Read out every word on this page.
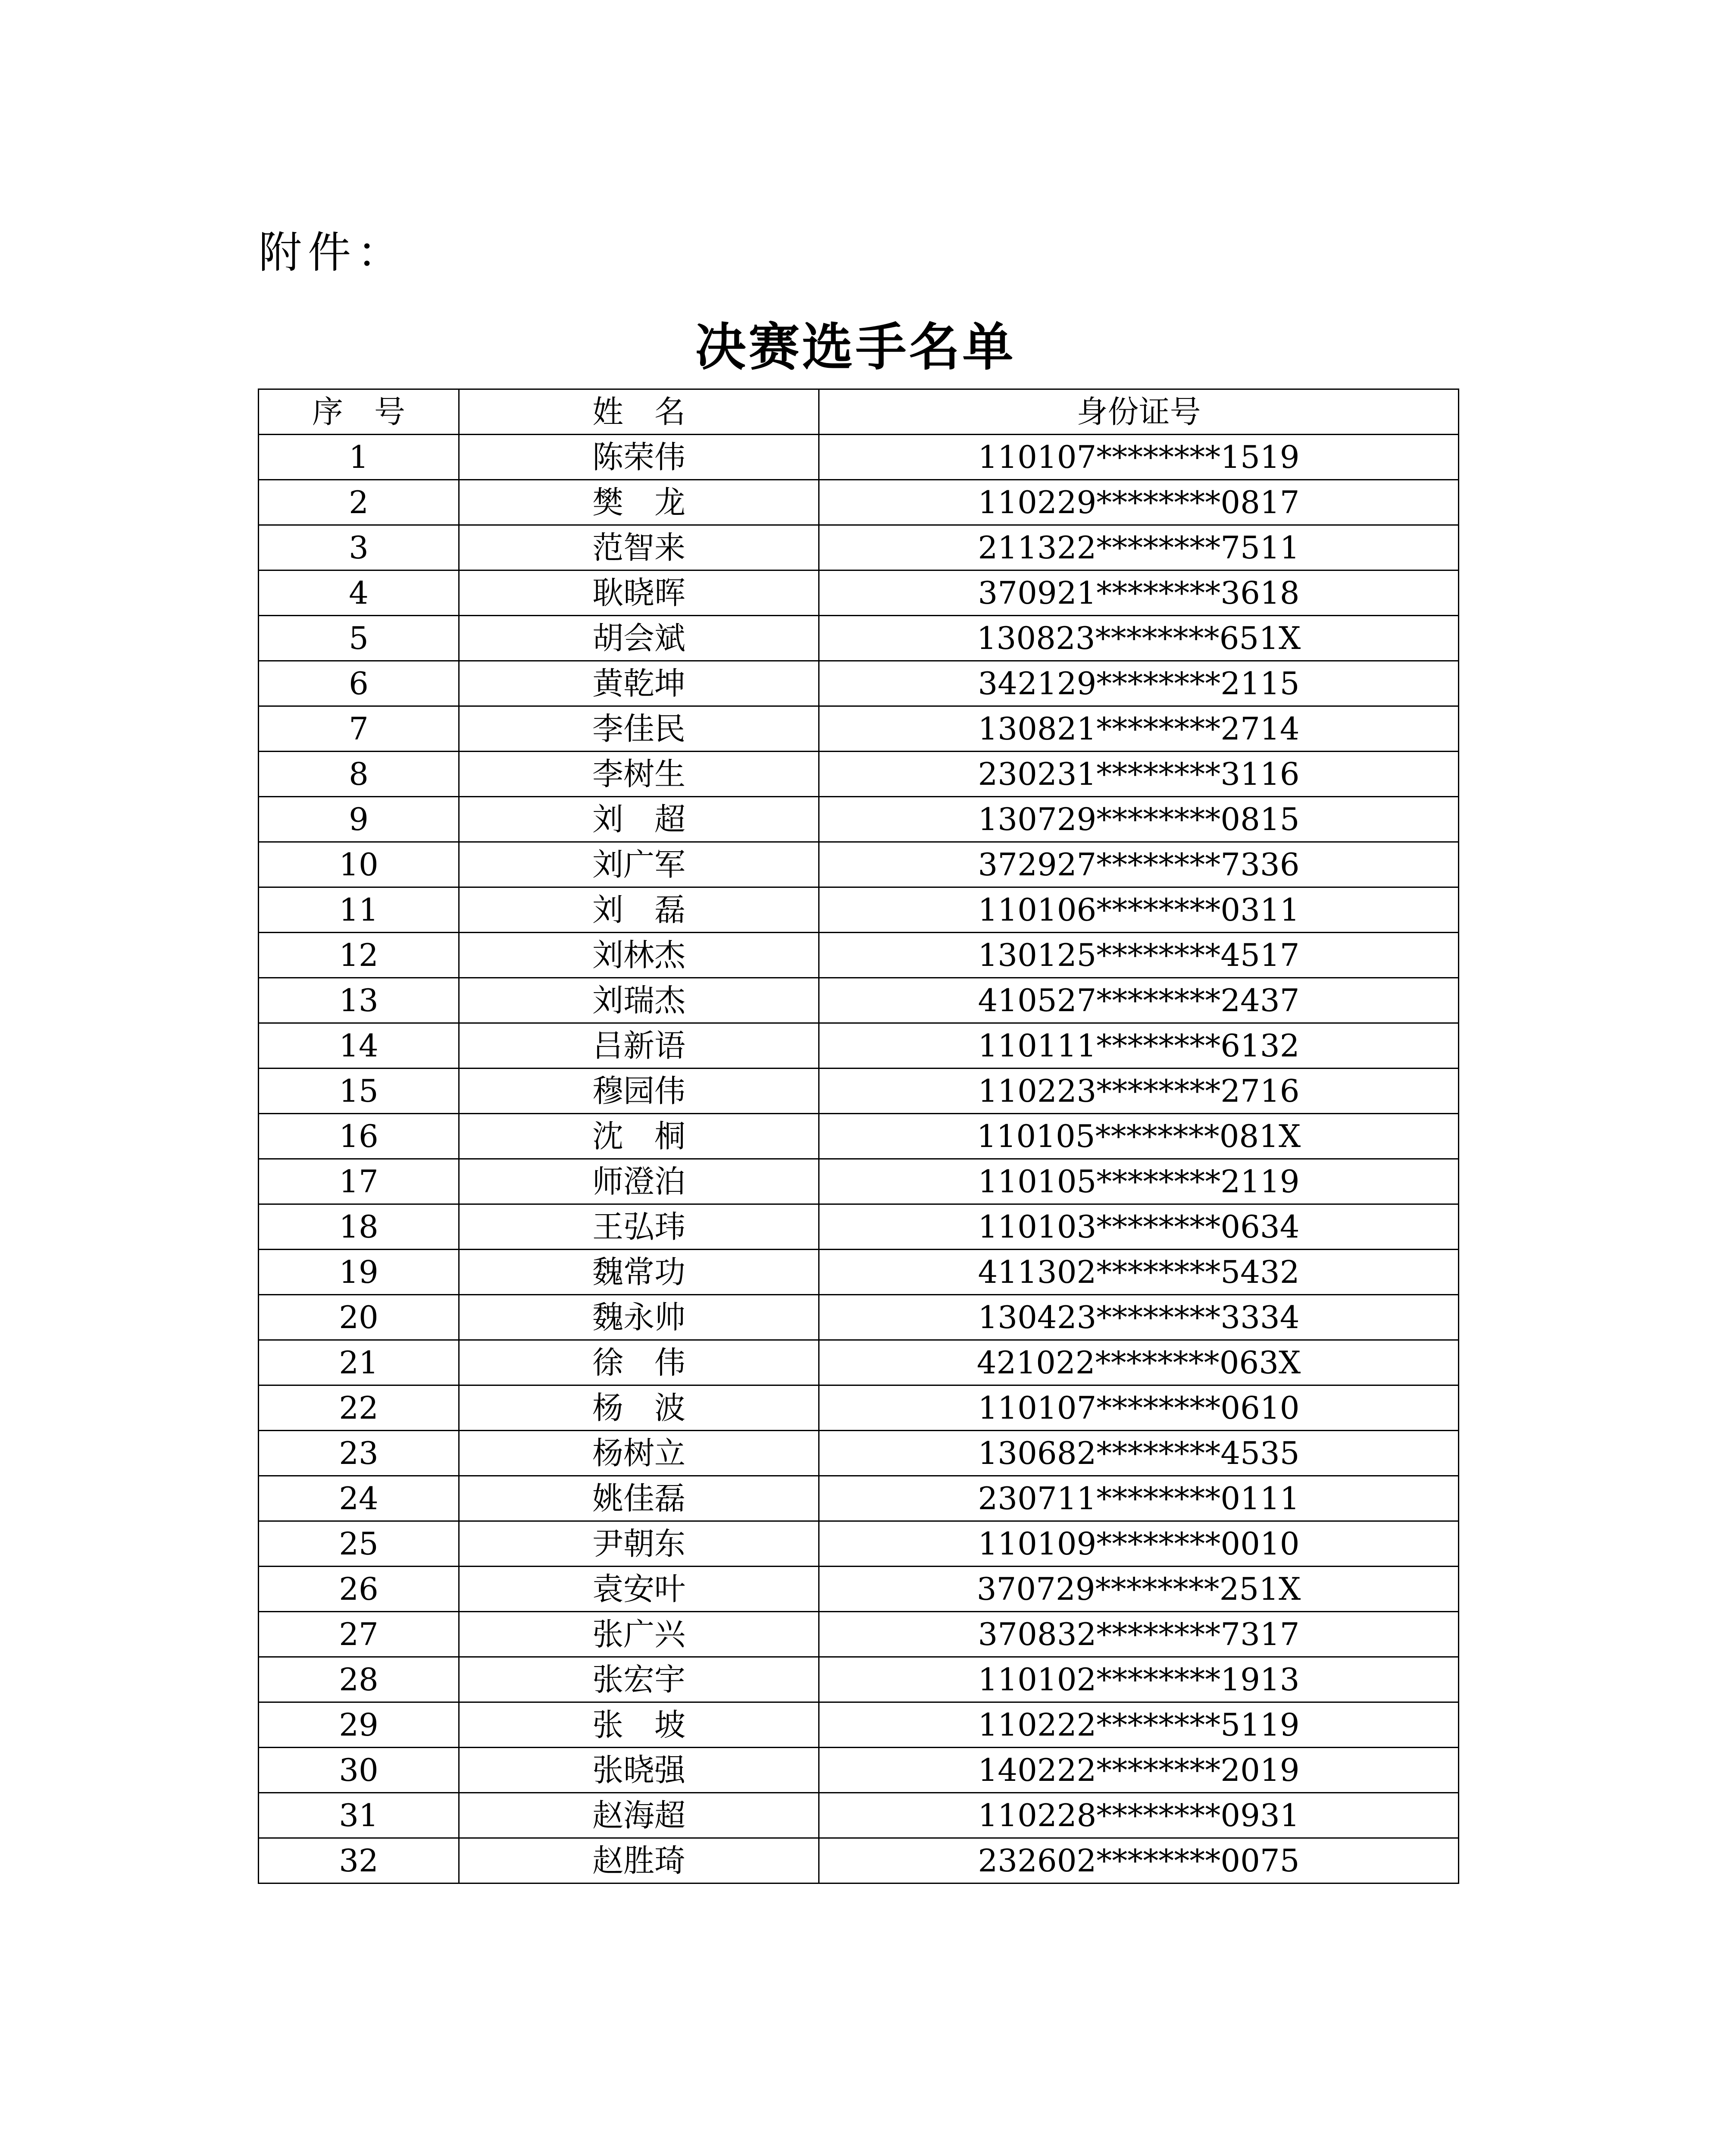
附件：
决赛选手名单
序　号	姓　名	身份证号
1	陈荣伟	110107********1519
2	樊　龙	110229********0817
3	范智来	211322********7511
4	耿晓晖	370921********3618
5	胡会斌	130823********651X
6	黄乾坤	342129********2115
7	李佳民	130821********2714
8	李树生	230231********3116
9	刘　超	130729********0815
10	刘广军	372927********7336
11	刘　磊	110106********0311
12	刘林杰	130125********4517
13	刘瑞杰	410527********2437
14	吕新语	110111********6132
15	穆园伟	110223********2716
16	沈　桐	110105********081X
17	师澄泊	110105********2119
18	王弘玮	110103********0634
19	魏常功	411302********5432
20	魏永帅	130423********3334
21	徐　伟	421022********063X
22	杨　波	110107********0610
23	杨树立	130682********4535
24	姚佳磊	230711********0111
25	尹朝东	110109********0010
26	袁安叶	370729********251X
27	张广兴	370832********7317
28	张宏宇	110102********1913
29	张　坡	110222********5119
30	张晓强	140222********2019
31	赵海超	110228********0931
32	赵胜琦	232602********0075
